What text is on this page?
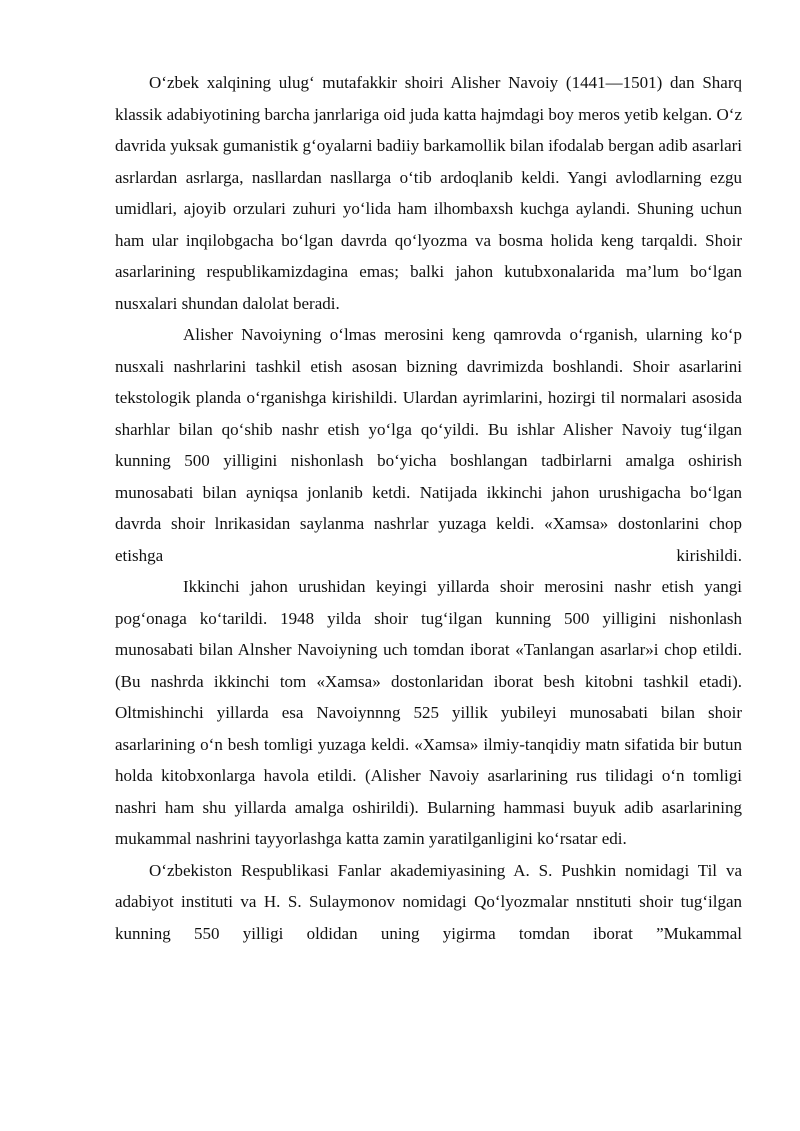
O‘zbek xalqining ulug‘ mutafakkir shoiri Alisher Navoiy (1441—1501) dan Sharq klassik adabiyotining barcha janrlariga oid juda katta hajmdagi boy meros yetib kelgan. O‘z davrida yuksak gumanistik g‘oyalarni badiiy barkamollik bilan ifodalab bergan adib asarlari asrlardan asrlarga, nasllardan nasllarga o‘tib ardoqlanib keldi. Yangi avlodlarning ezgu umidlari, ajoyib orzulari zuhuri yo‘lida ham ilhombaxsh kuchga aylandi. Shuning uchun ham ular inqilobgacha bo‘lgan davrda qo‘lyozma va bosma holida keng tarqaldi. Shoir asarlarining respublikamizdagina emas; balki jahon kutubxonalarida ma’lum bo‘lgan nusxalari shundan dalolat beradi.

Alisher Navoiyning o‘lmas merosini keng qamrovda o‘rganish, ularning ko‘p nusxali nashrlarini tashkil etish asosan bizning davrimizda boshlandi. Shoir asarlarini tekstologik planda o‘rganishga kirishildi. Ulardan ayrimlarini, hozirgi til normalari asosida sharhlar bilan qo‘shib nashr etish yo‘lga qo‘yildi. Bu ishlar Alisher Navoiy tug‘ilgan kunning 500 yilligini nishonlash bo‘yicha boshlangan tadbirlarni amalga oshirish munosabati bilan ayniqsa jonlanib ketdi. Natijada ikkinchi jahon urushigacha bo‘lgan davrda shoir lnrikasidan saylanma nashrlar yuzaga keldi. «Xamsa» dostonlarini chop etishga kirishildi.

Ikkinchi jahon urushidan keyingi yillarda shoir merosini nashr etish yangi pog‘onaga ko‘tarildi. 1948 yilda shoir tug‘ilgan kunning 500 yilligini nishonlash munosabati bilan Alnsher Navoiyning uch tomdan iborat «Tanlangan asarlar»i chop etildi. (Bu nashrda ikkinchi tom «Xamsa» dostonlaridan iborat besh kitobni tashkil etadi). Oltmishinchi yillarda esa Navoiynnng 525 yillik yubileyi munosabati bilan shoir asarlarining o‘n besh tomligi yuzaga keldi. «Xamsa» ilmiy-tanqidiy matn sifatida bir butun holda kitobxonlarga havola etildi. (Alisher Navoiy asarlarining rus tilidagi o‘n tomligi nashri ham shu yillarda amalga oshirildi). Bularning hammasi buyuk adib asarlarining mukammal nashrini tayyorlashga katta zamin yaratilganligini ko‘rsatar edi.

O‘zbekiston Respublikasi Fanlar akademiyasining A. S. Pushkin nomidagi Til va adabiyot instituti va H. S. Sulaymonov nomidagi Qo‘lyozmalar nnstituti shoir tug‘ilgan kunning 550 yilligi oldidan uning yigirma tomdan iborat ”Mukammal
